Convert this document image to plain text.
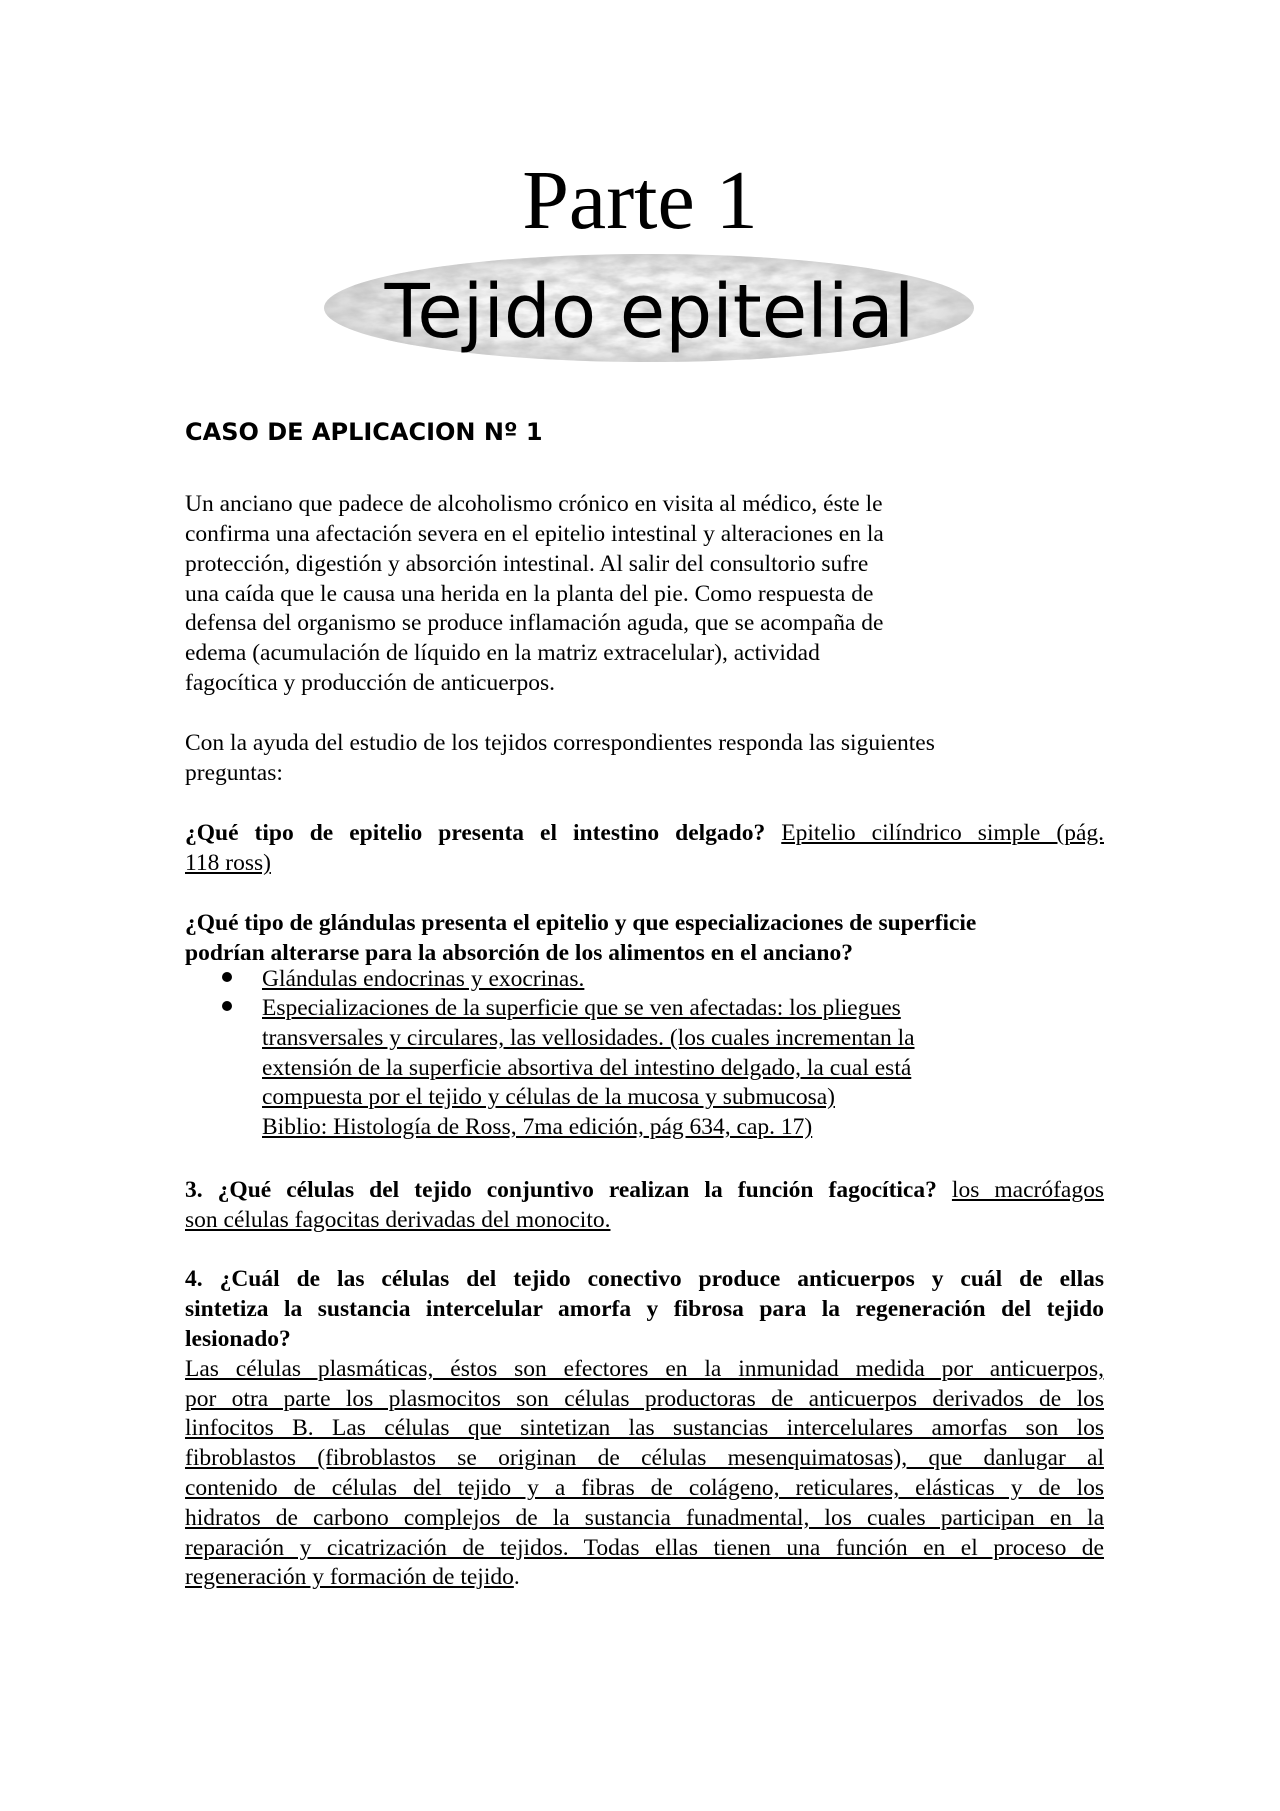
Parte 1
Tejido epitelial
CASO DE APLICACION Nº 1
Un anciano que padece de alcoholismo crónico en visita al médico, éste le
confirma una afectación severa en el epitelio intestinal y alteraciones en la
protección, digestión y absorción intestinal. Al salir del consultorio sufre
una caída que le causa una herida en la planta del pie. Como respuesta de
defensa del organismo se produce inflamación aguda, que se acompaña de
edema (acumulación de líquido en la matriz extracelular), actividad
fagocítica y producción de anticuerpos.
Con la ayuda del estudio de los tejidos correspondientes responda las siguientes
preguntas:
¿Qué tipo de epitelio presenta el intestino delgado? Epitelio cilíndrico simple (pág.
118 ross)
¿Qué tipo de glándulas presenta el epitelio y que especializaciones de superficie
podrían alterarse para la absorción de los alimentos en el anciano?
Glándulas endocrinas y exocrinas.
Especializaciones de la superficie que se ven afectadas: los pliegues
transversales y circulares, las vellosidades. (los cuales incrementan la
extensión de la superficie absortiva del intestino delgado, la cual está
compuesta por el tejido y células de la mucosa y submucosa)
Biblio: Histología de Ross, 7ma edición, pág 634, cap. 17)
3. ¿Qué células del tejido conjuntivo realizan la función fagocítica? los macrófagos
son células fagocitas derivadas del monocito.
4. ¿Cuál de las células del tejido conectivo produce anticuerpos y cuál de ellas
sintetiza la sustancia intercelular amorfa y fibrosa para la regeneración del tejido
lesionado?
Las células plasmáticas, éstos son efectores en la inmunidad medida por anticuerpos,
por otra parte los plasmocitos son células productoras de anticuerpos derivados de los
linfocitos B. Las células que sintetizan las sustancias intercelulares amorfas son los
fibroblastos (fibroblastos se originan de células mesenquimatosas), que danlugar al
contenido de células del tejido y a fibras de colágeno, reticulares, elásticas y de los
hidratos de carbono complejos de la sustancia funadmental, los cuales participan en la
reparación y cicatrización de tejidos. Todas ellas tienen una función en el proceso de
regeneración y formación de tejido.
